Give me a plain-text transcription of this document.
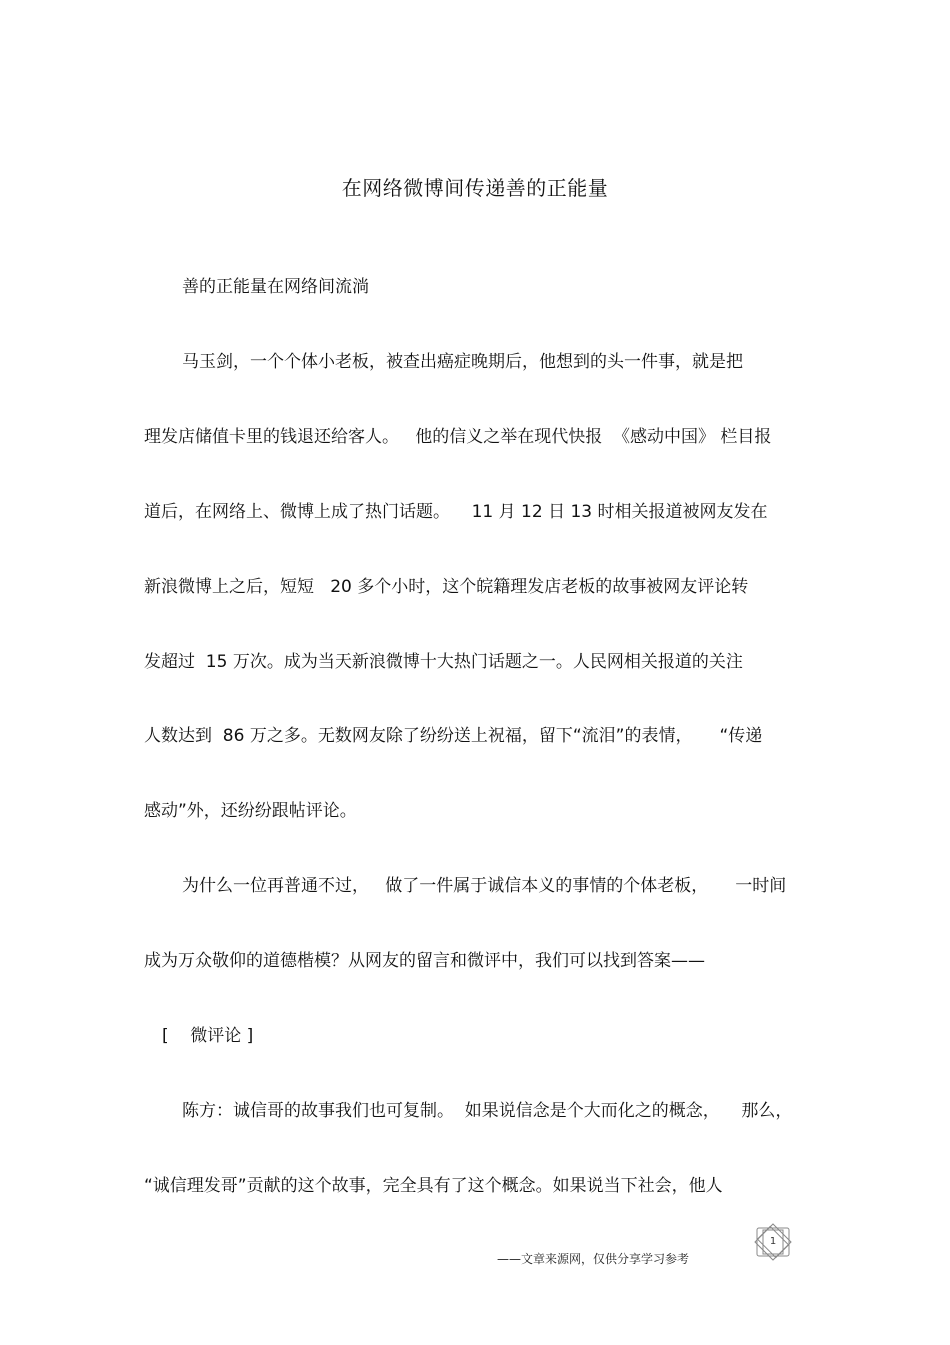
在网络微博间传递善的正能量
善的正能量在网络间流淌
马玉剑，一个个体小老板，被查出癌症晚期后，他想到的头一件事，就是把
理发店储值卡里的钱退还给客人。   他的信义之举在现代快报  《感动中国》 栏目报
道后，在网络上、微博上成了热门话题。    11 月 12 日 13 时相关报道被网友发在
新浪微博上之后，短短   20 多个小时，这个皖籍理发店老板的故事被网友评论转
发超过  15 万次。成为当天新浪微博十大热门话题之一。人民网相关报道的关注
人数达到  86 万之多。无数网友除了纷纷送上祝福，留下“流泪”的表情，     “传递
感动”外，还纷纷跟帖评论。
为什么一位再普通不过，   做了一件属于诚信本义的事情的个体老板，     一时间
成为万众敬仰的道德楷模？从网友的留言和微评中，我们可以找到答案——
[    微评论 ]
陈方：诚信哥的故事我们也可复制。  如果说信念是个大而化之的概念，    那么，
“诚信理发哥”贡献的这个故事，完全具有了这个概念。如果说当下社会，他人
——文章来源网，仅供分享学习参考
1
